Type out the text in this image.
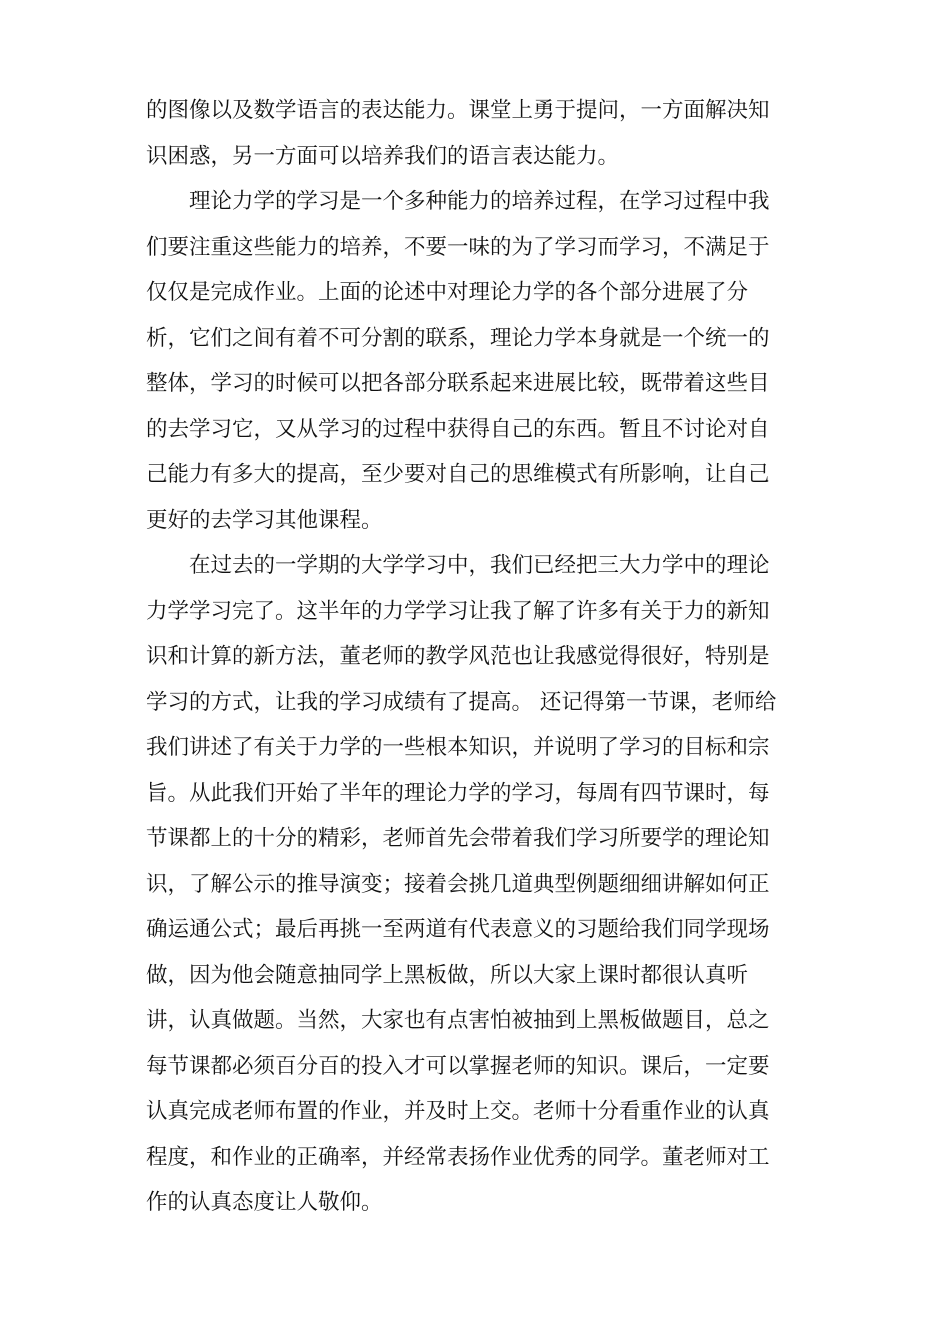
的图像以及数学语言的表达能力。课堂上勇于提问，一方面解决知
识困惑，另一方面可以培养我们的语言表达能力。
理论力学的学习是一个多种能力的培养过程，在学习过程中我
们要注重这些能力的培养，不要一味的为了学习而学习，不满足于
仅仅是完成作业。上面的论述中对理论力学的各个部分进展了分
析，它们之间有着不可分割的联系，理论力学本身就是一个统一的
整体，学习的时候可以把各部分联系起来进展比较，既带着这些目
的去学习它，又从学习的过程中获得自己的东西。暂且不讨论对自
己能力有多大的提高，至少要对自己的思维模式有所影响，让自己
更好的去学习其他课程。
在过去的一学期的大学学习中，我们已经把三大力学中的理论
力学学习完了。这半年的力学学习让我了解了许多有关于力的新知
识和计算的新方法，董老师的教学风范也让我感觉得很好，特别是
学习的方式，让我的学习成绩有了提高。 还记得第一节课，老师给
我们讲述了有关于力学的一些根本知识，并说明了学习的目标和宗
旨。从此我们开始了半年的理论力学的学习，每周有四节课时，每
节课都上的十分的精彩，老师首先会带着我们学习所要学的理论知
识，了解公示的推导演变；接着会挑几道典型例题细细讲解如何正
确运通公式；最后再挑一至两道有代表意义的习题给我们同学现场
做，因为他会随意抽同学上黑板做，所以大家上课时都很认真听
讲，认真做题。当然，大家也有点害怕被抽到上黑板做题目，总之
每节课都必须百分百的投入才可以掌握老师的知识。课后，一定要
认真完成老师布置的作业，并及时上交。老师十分看重作业的认真
程度，和作业的正确率，并经常表扬作业优秀的同学。董老师对工
作的认真态度让人敬仰。
